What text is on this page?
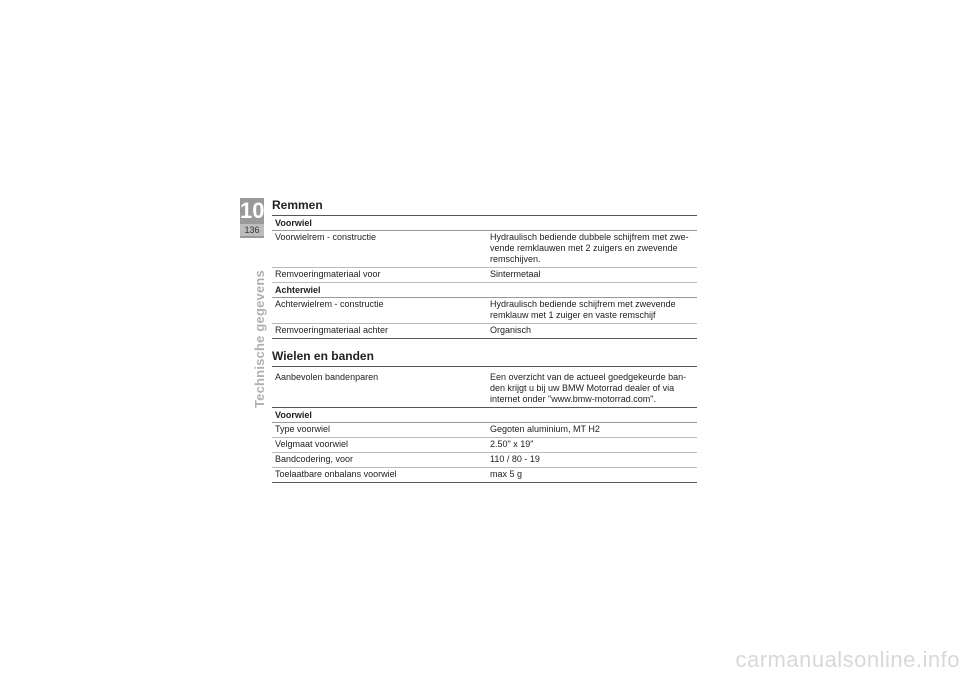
10
136
Technische gegevens
Remmen
Voorwiel
Voorwielrem - constructie	Hydraulisch bediende dubbele schijfrem met zwe-vende remklauwen met 2 zuigers en zwevende remschijven.
Remvoeringmateriaal voor	Sintermetaal
Achterwiel
Achterwielrem - constructie	Hydraulisch bediende schijfrem met zwevende remklauw met 1 zuiger en vaste remschijf
Remvoeringmateriaal achter	Organisch
Wielen en banden
Aanbevolen bandenparen	Een overzicht van de actueel goedgekeurde ban-den krijgt u bij uw BMW Motorrad dealer of via internet onder "www.bmw-motorrad.com".
Voorwiel
Type voorwiel	Gegoten aluminium, MT H2
Velgmaat voorwiel	2.50" x 19"
Bandcodering, voor	110 / 80 - 19
Toelaatbare onbalans voorwiel	max 5 g
carmanualsonline.info
